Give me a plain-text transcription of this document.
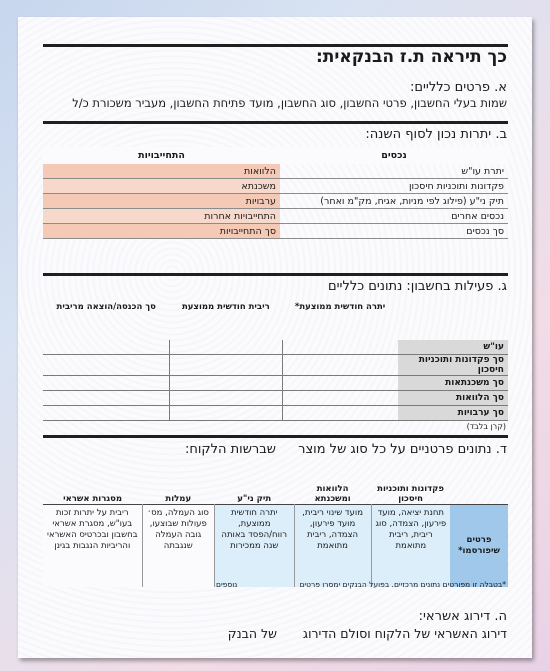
כך תיראה ת.ז הבנקאית:
א. פרטים כלליים:
שמות בעלי החשבון, פרטי החשבון, סוג החשבון, מועד פתיחת החשבון, מעביר משכורת כ/ל
ב. יתרות נכון לסוף השנה:
נכסים	התחייבויות
יתרת עו"ש	הלוואות
פקדונות ותוכניות חיסכון	משכנתא
תיק ני"ע (פילוג לפי מניות, אגיח, מק"מ ואחר)	ערבויות
נכסים אחרים	התחייבויות אחרות
סך נכסים	סך התחייבויות
ג. פעילות בחשבון: נתונים כלליים
	יתרה חודשית ממוצעת*	ריבית חודשית ממוצעת	סך הכנסה/הוצאה מריבית
עו"ש			
סך פקדונות ותוכניות חיסכון			
סך משכנתאות			
סך הלוואות			
סך ערבויות			
(קרן בלבד)
ד. נתונים פרטניים על כל סוג של מוצר שברשות הלקוח:
	פקדונות ותוכניות חיסכון	הלוואות ומשכנתא	תיק ני"ע	עמלות	מסגרות אשראי
פרטים שיפורסמו*	תחנת יציאה, מועד פירעון, הצמדה, סוג ריבית, ריבית מתואמת	מועד שינוי ריבית, מועד פירעון, הצמדה, ריבית מתואמת	יתרה חודשית ממוצעת, רווח/הפסד באותה שנה ממכירות	סוג העמלה, מס׳ פעולות שבוצעו, גובה העמלה שנגבתה	ריבית על יתרות זכות בעו"ש, מסגרת אשראי בחשבון ובכרטיס האשראי והריביות הנגבות בגינן
*בטבלה זו מפורטים נתונים מרכזיים. בפועל הבנקים ימסרו פרטים
נוספים
ה. דירוג אשראי:
דירוג האשראי של הלקוח וסולם הדירוג של הבנק
